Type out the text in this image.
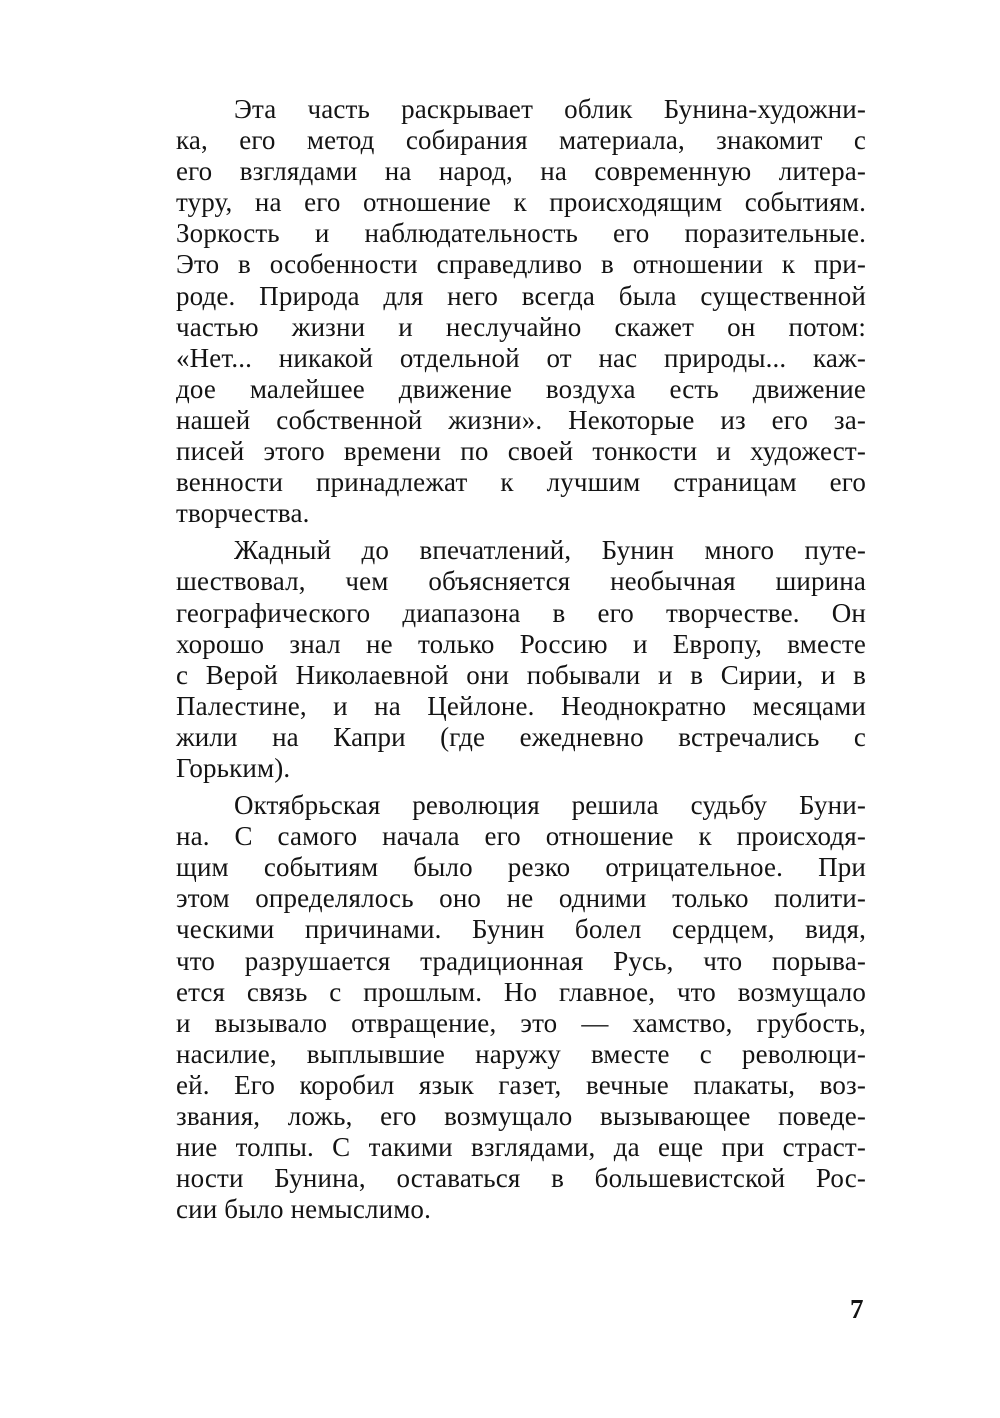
Эта часть раскрывает облик Бунина-художни-
ка, его метод собирания материала, знакомит с
его взглядами на народ, на современную литера-
туру, на его отношение к происходящим событиям.
Зоркость и наблюдательность его поразительные.
Это в особенности справедливо в отношении к при-
роде. Природа для него всегда была существенной
частью жизни и неслучайно скажет он потом:
«Нет... никакой отдельной от нас природы... каж-
дое малейшее движение воздуха есть движение
нашей собственной жизни». Некоторые из его за-
писей этого времени по своей тонкости и художест-
венности принадлежат к лучшим страницам его
творчества.
Жадный до впечатлений, Бунин много путе-
шествовал, чем объясняется необычная ширина
географического диапазона в его творчестве. Он
хорошо знал не только Россию и Европу, вместе
с Верой Николаевной они побывали и в Сирии, и в
Палестине, и на Цейлоне. Неоднократно месяцами
жили на Капри (где ежедневно встречались с
Горьким).
Октябрьская революция решила судьбу Буни-
на. С самого начала его отношение к происходя-
щим событиям было резко отрицательное. При
этом определялось оно не одними только полити-
ческими причинами. Бунин болел сердцем, видя,
что разрушается традиционная Русь, что порыва-
ется связь с прошлым. Но главное, что возмущало
и вызывало отвращение, это — хамство, грубость,
насилие, выплывшие наружу вместе с революци-
ей. Его коробил язык газет, вечные плакаты, воз-
звания, ложь, его возмущало вызывающее поведе-
ние толпы. С такими взглядами, да еще при страст-
ности Бунина, оставаться в большевистской Рос-
сии было немыслимо.
7
